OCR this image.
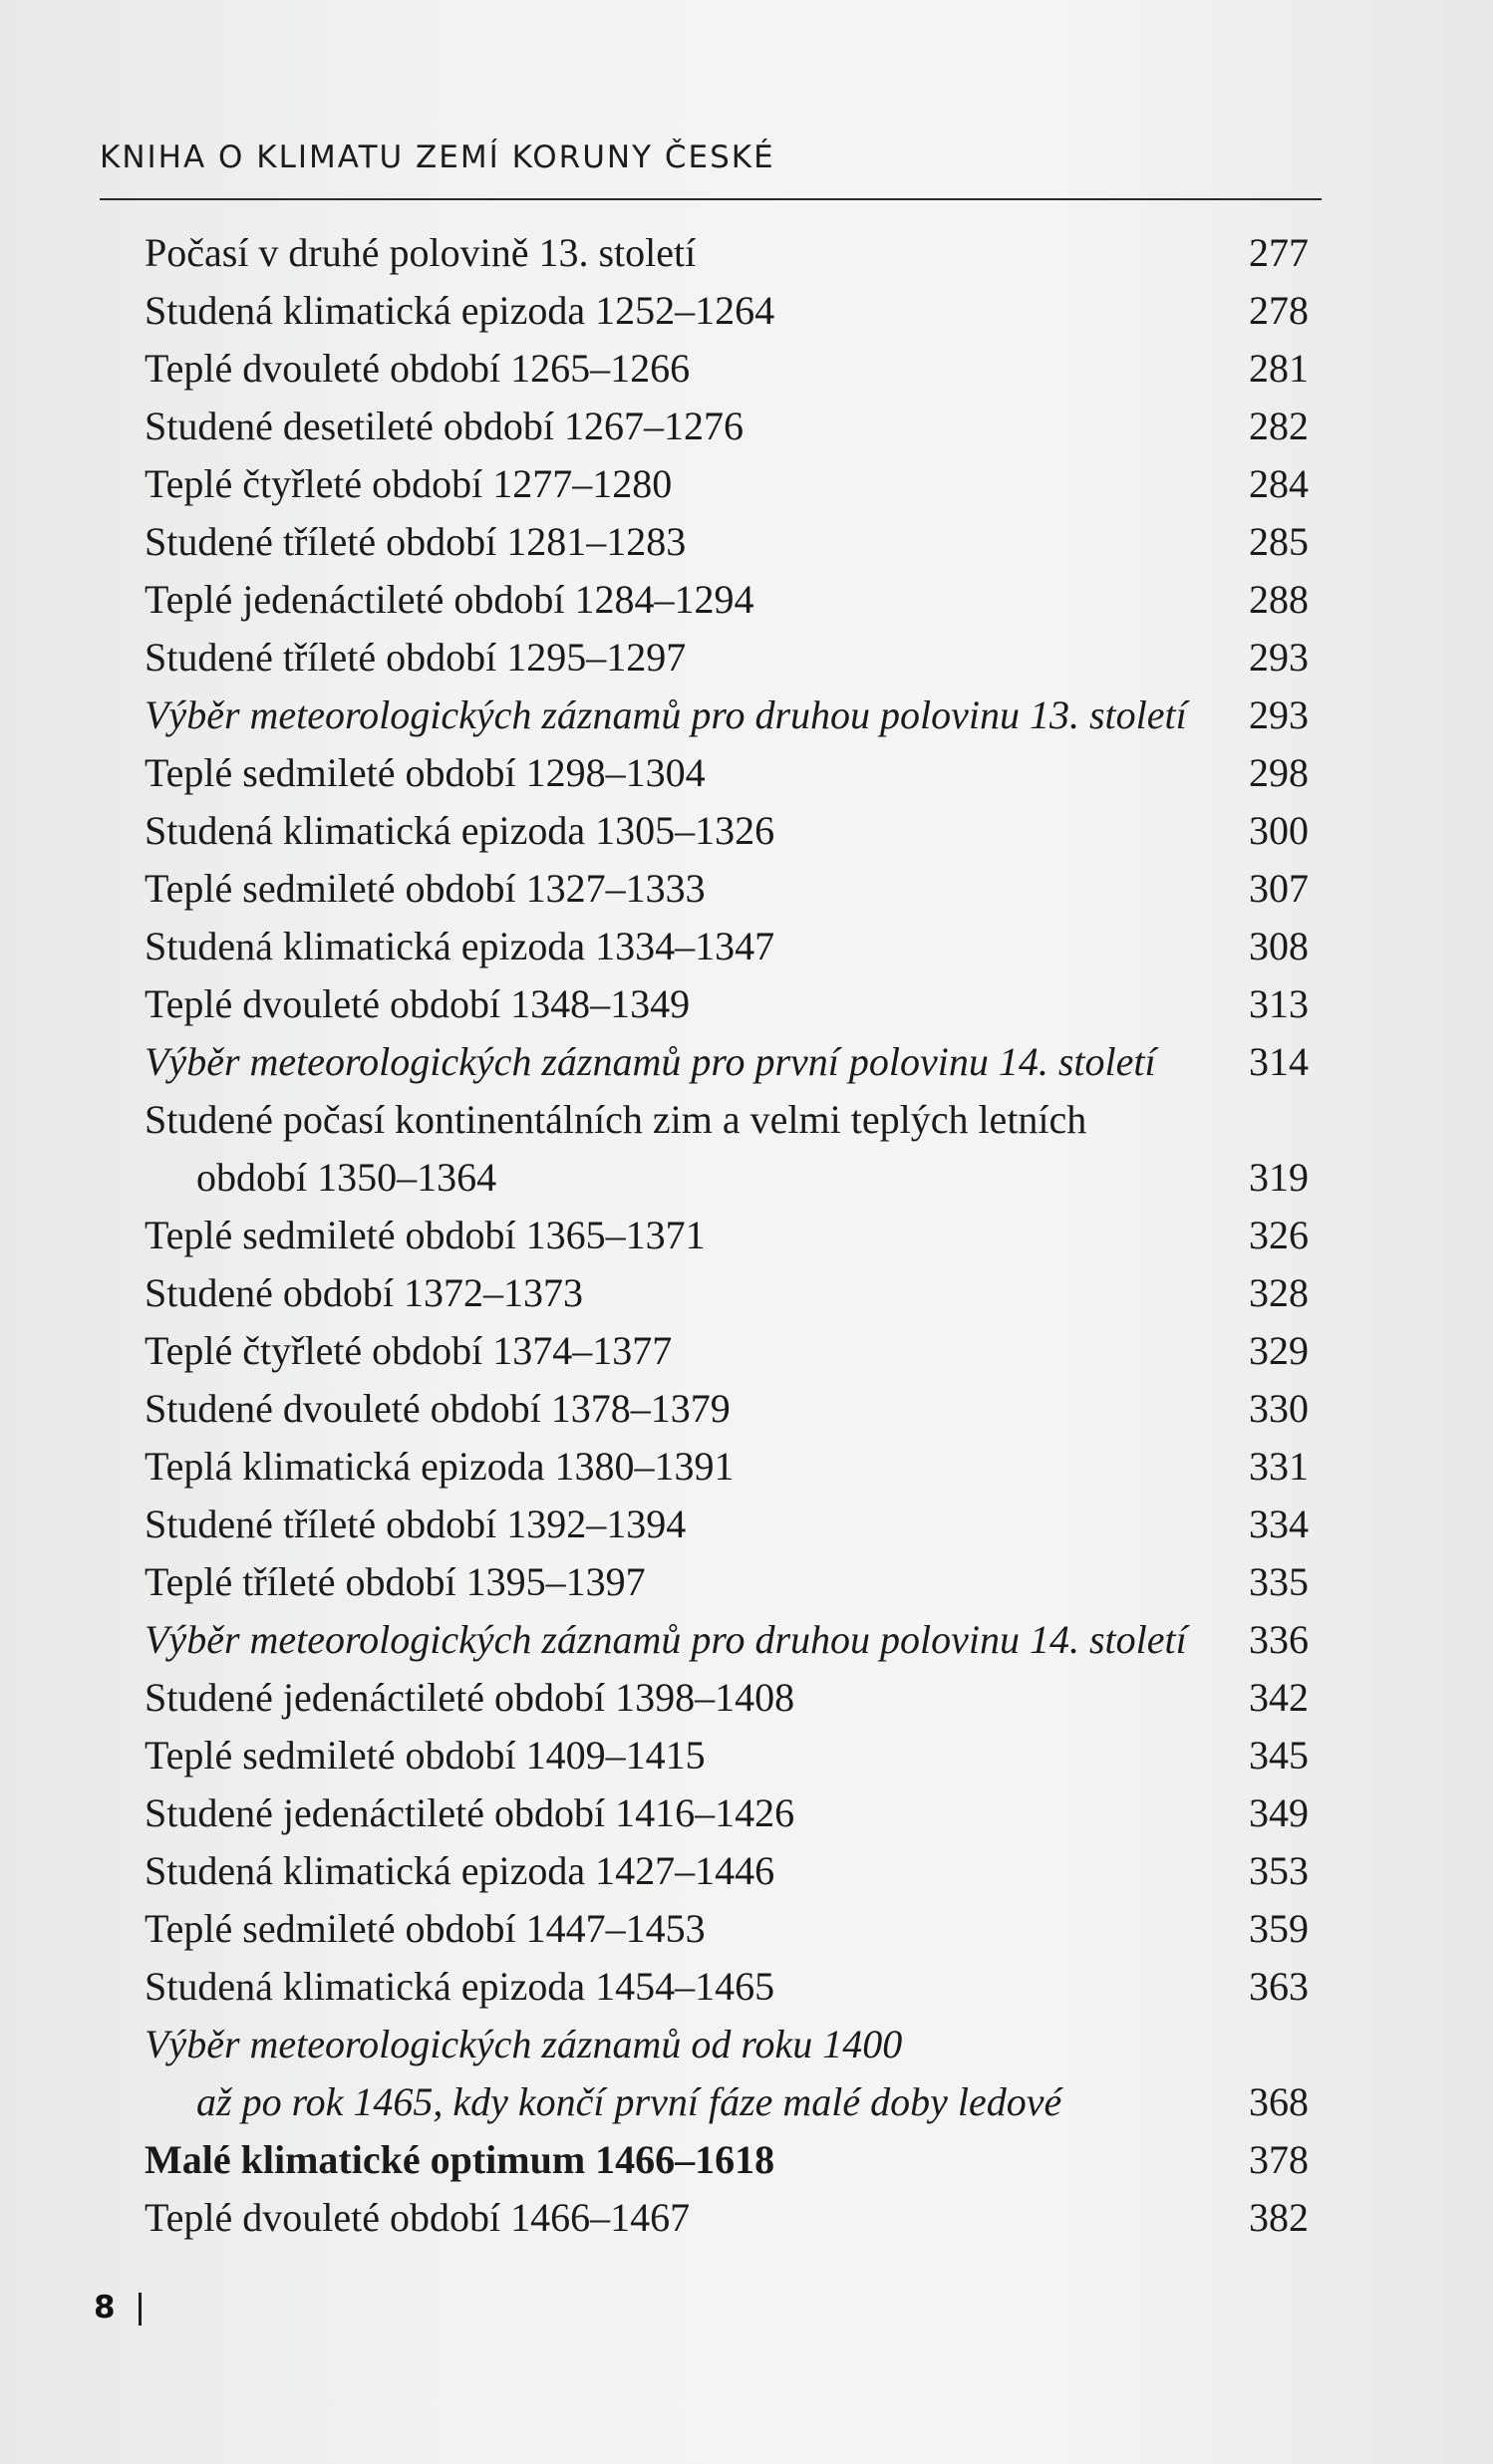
KNIHA O KLIMATU ZEMÍ KORUNY ČESKÉ
Počasí v druhé polovině 13. století	277
Studená klimatická epizoda 1252–1264	278
Teplé dvouleté období 1265–1266	281
Studené desetileté období 1267–1276	282
Teplé čtyřleté období 1277–1280	284
Studené tříleté období 1281–1283	285
Teplé jedenáctileté období 1284–1294	288
Studené tříleté období 1295–1297	293
Výběr meteorologických záznamů pro druhou polovinu 13. století	293
Teplé sedmileté období 1298–1304	298
Studená klimatická epizoda 1305–1326	300
Teplé sedmileté období 1327–1333	307
Studená klimatická epizoda 1334–1347	308
Teplé dvouleté období 1348–1349	313
Výběr meteorologických záznamů pro první polovinu 14. století	314
Studené počasí kontinentálních zim a velmi teplých letních
období 1350–1364	319
Teplé sedmileté období 1365–1371	326
Studené období 1372–1373	328
Teplé čtyřleté období 1374–1377	329
Studené dvouleté období 1378–1379	330
Teplá klimatická epizoda 1380–1391	331
Studené tříleté období 1392–1394	334
Teplé tříleté období 1395–1397	335
Výběr meteorologických záznamů pro druhou polovinu 14. století	336
Studené jedenáctileté období 1398–1408	342
Teplé sedmileté období 1409–1415	345
Studené jedenáctileté období 1416–1426	349
Studená klimatická epizoda 1427–1446	353
Teplé sedmileté období 1447–1453	359
Studená klimatická epizoda 1454–1465	363
Výběr meteorologických záznamů od roku 1400
až po rok 1465, kdy končí první fáze malé doby ledové	368
Malé klimatické optimum 1466–1618	378
Teplé dvouleté období 1466–1467	382
8
